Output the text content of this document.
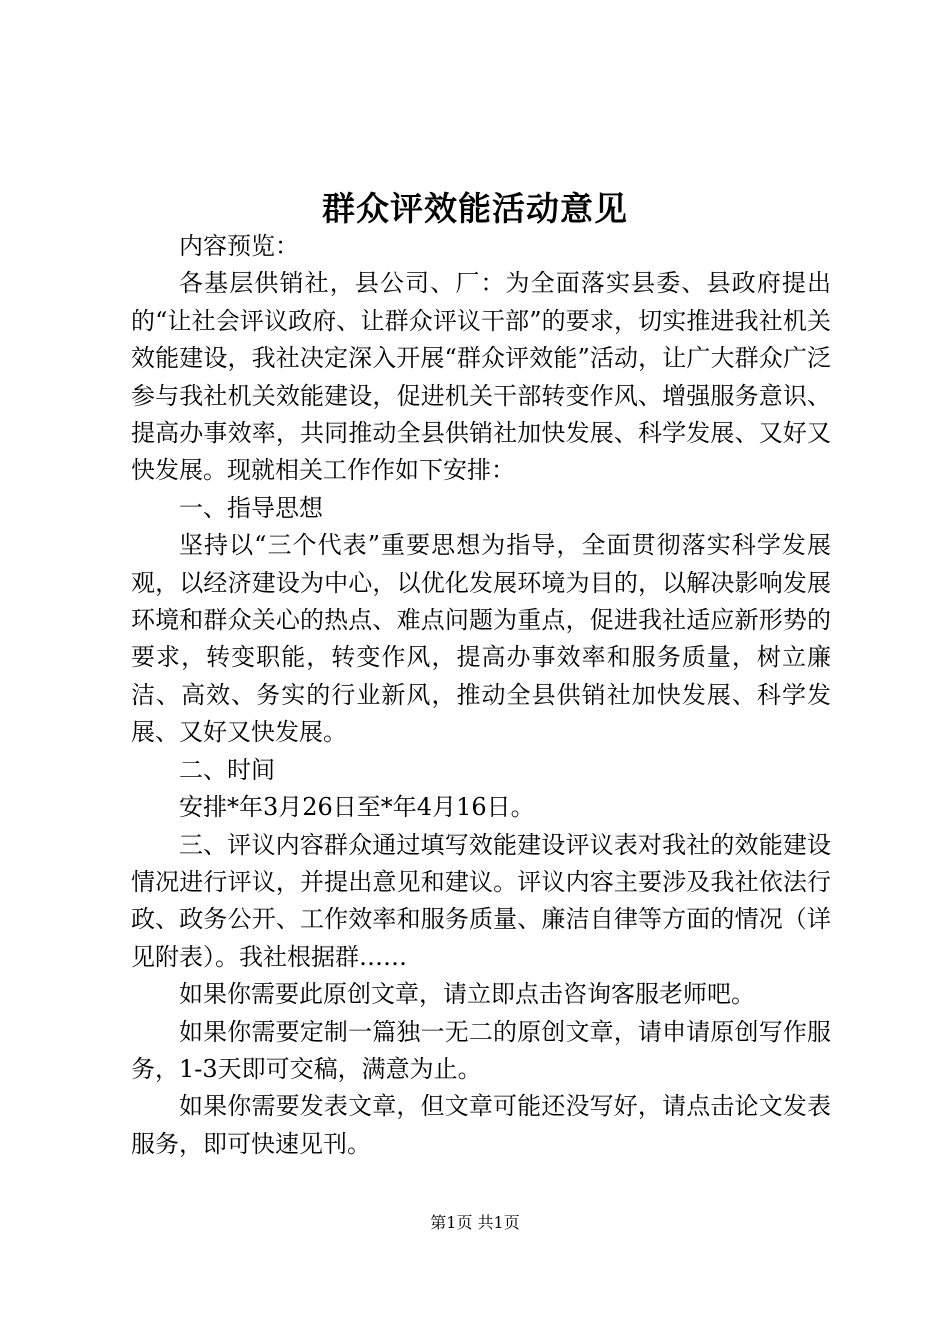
群众评效能活动意见

内容预览：

各基层供销社，县公司、厂：为全面落实县委、县政府提出的“让社会评议政府、让群众评议干部”的要求，切实推进我社机关效能建设，我社决定深入开展“群众评效能”活动，让广大群众广泛参与我社机关效能建设，促进机关干部转变作风、增强服务意识、提高办事效率，共同推动全县供销社加快发展、科学发展、又好又快发展。现就相关工作作如下安排：

一、指导思想

坚持以“三个代表”重要思想为指导，全面贯彻落实科学发展观，以经济建设为中心，以优化发展环境为目的，以解决影响发展环境和群众关心的热点、难点问题为重点，促进我社适应新形势的要求，转变职能，转变作风，提高办事效率和服务质量，树立廉洁、高效、务实的行业新风，推动全县供销社加快发展、科学发展、又好又快发展。

二、时间

安排*年3月26日至*年4月16日。

三、评议内容群众通过填写效能建设评议表对我社的效能建设情况进行评议，并提出意见和建议。评议内容主要涉及我社依法行政、政务公开、工作效率和服务质量、廉洁自律等方面的情况（详见附表）。我社根据群……

如果你需要此原创文章，请立即点击咨询客服老师吧。

如果你需要定制一篇独一无二的原创文章，请申请原创写作服务，1-3天即可交稿，满意为止。

如果你需要发表文章，但文章可能还没写好，请点击论文发表服务，即可快速见刊。

第1页 共1页
